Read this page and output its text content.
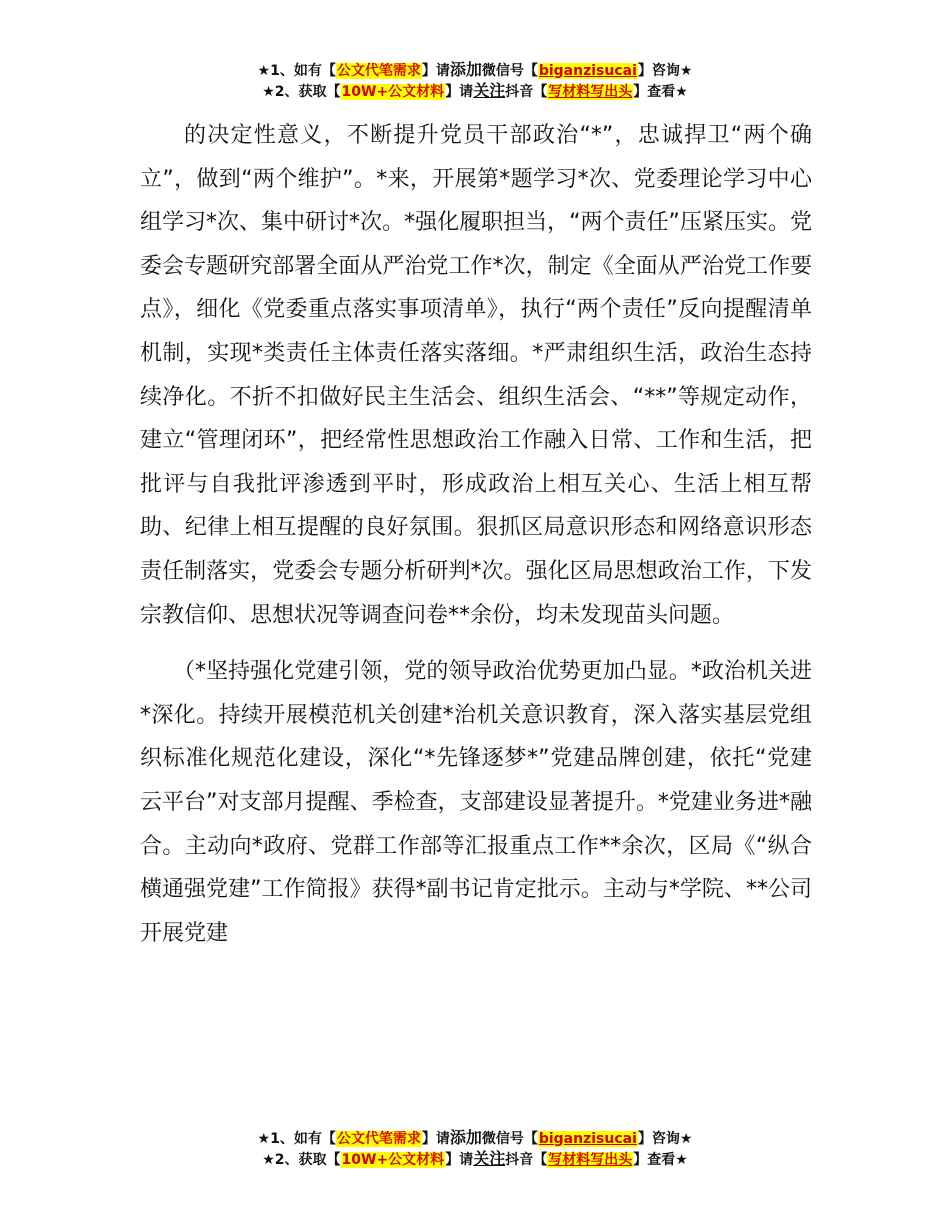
★1、如有【公文代笔需求】请添加微信号【biganzisucai】咨询★
★2、获取【10W+公文材料】请关注抖音【写材料写出头】查看★

的决定性意义，不断提升党员干部政治“*”，忠诚捍卫“两个确立”，做到“两个维护”。*来，开展第*题学习*次、党委理论学习中心组学习*次、集中研讨*次。*强化履职担当，“两个责任”压紧压实。党委会专题研究部署全面从严治党工作*次，制定《全面从严治党工作要点》，细化《党委重点落实事项清单》，执行“两个责任”反向提醒清单机制，实现*类责任主体责任落实落细。*严肃组织生活，政治生态持续净化。不折不扣做好民主生活会、组织生活会、“**”等规定动作，建立“管理闭环”，把经常性思想政治工作融入日常、工作和生活，把批评与自我批评渗透到平时，形成政治上相互关心、生活上相互帮助、纪律上相互提醒的良好氛围。狠抓区局意识形态和网络意识形态责任制落实，党委会专题分析研判*次。强化区局思想政治工作，下发宗教信仰、思想状况等调查问卷**余份，均未发现苗头问题。

（*坚持强化党建引领，党的领导政治优势更加凸显。*政治机关进*深化。持续开展模范机关创建*治机关意识教育，深入落实基层党组织标准化规范化建设，深化“*先锋逐梦*”党建品牌创建，依托“党建云平台”对支部月提醒、季检查，支部建设显著提升。*党建业务进*融合。主动向*政府、党群工作部等汇报重点工作**余次，区局《“纵合横通强党建”工作简报》获得*副书记肯定批示。主动与*学院、**公司开展党建

★1、如有【公文代笔需求】请添加微信号【biganzisucai】咨询★
★2、获取【10W+公文材料】请关注抖音【写材料写出头】查看★
